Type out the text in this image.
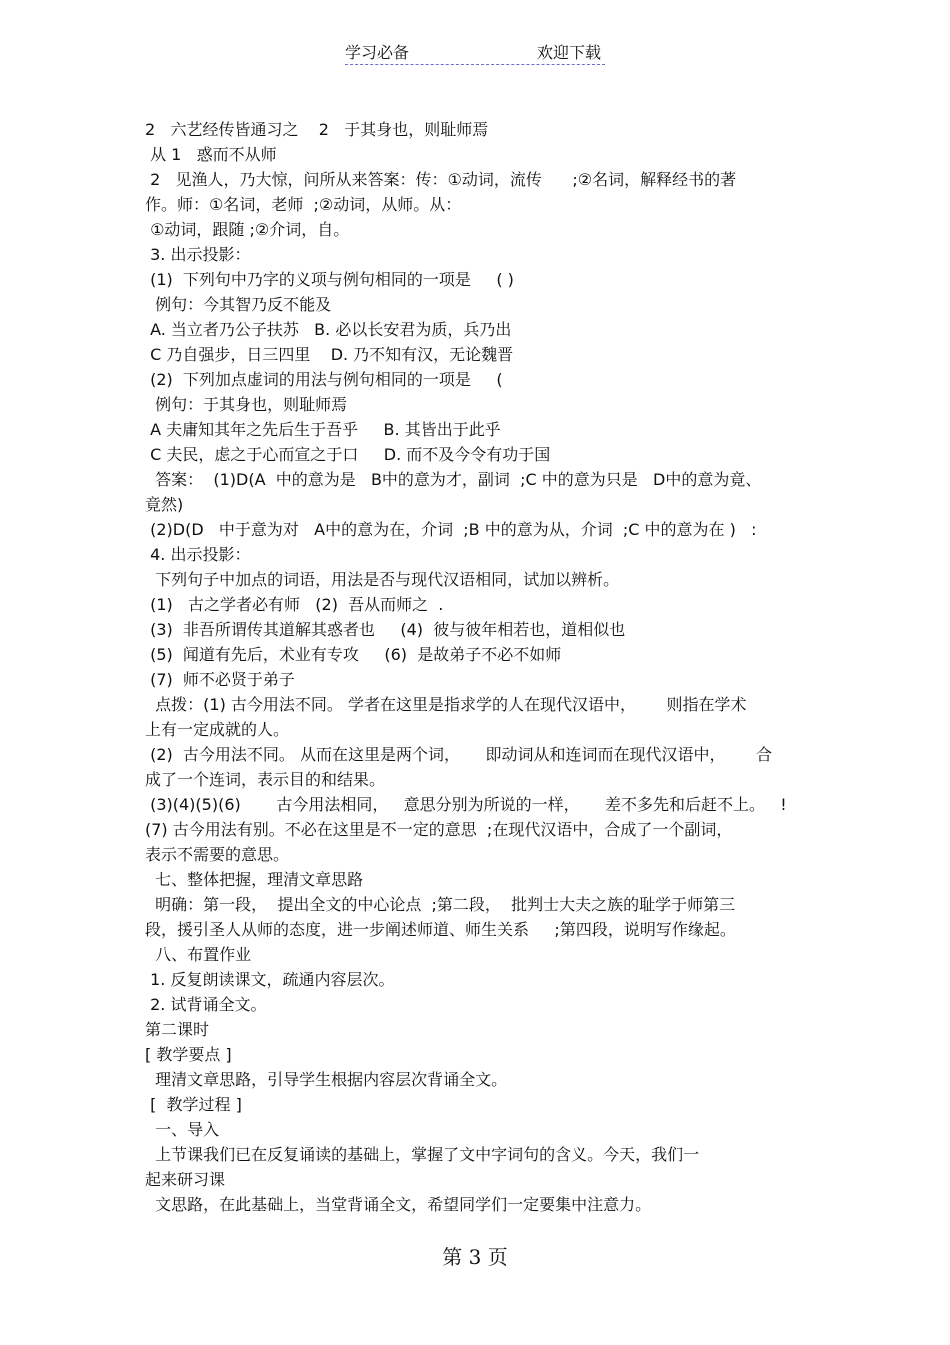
学习必备	欢迎下载
2   六艺经传皆通习之    2   于其身也，则耻师焉
从 1   惑而不从师
2   见渔人，乃大惊，问所从来答案：传：①动词，流传      ;②名词，解释经书的著
作。师：①名词，老师  ;②动词，从师。从：
①动词，跟随 ;②介词，自。
3. 出示投影：
(1)  下列句中乃字的义项与例句相同的一项是     ( )
例句：今其智乃反不能及
A. 当立者乃公子扶苏   B. 必以长安君为质，兵乃出
C 乃自强步，日三四里    D. 乃不知有汉，无论魏晋
(2)  下列加点虚词的用法与例句相同的一项是     (
例句：于其身也，则耻师焉
A 夫庸知其年之先后生于吾乎     B. 其皆出于此乎
C 夫民，虑之于心而宣之于口     D. 而不及今令有功于国
答案：  (1)D(A  中的意为是   B中的意为才，副词  ;C 中的意为只是   D中的意为竟、
竟然)
(2)D(D   中于意为对   A中的意为在，介词  ;B 中的意为从，介词  ;C 中的意为在 )   :
4. 出示投影：
下列句子中加点的词语，用法是否与现代汉语相同，试加以辨析。
(1)   古之学者必有师   (2)  吾从而师之  .
(3)  非吾所谓传其道解其惑者也     (4)  彼与彼年相若也，道相似也
(5)  闻道有先后，术业有专攻     (6)  是故弟子不必不如师
(7)  师不必贤于弟子
点拨：(1) 古今用法不同。 学者在这里是指求学的人在现代汉语中，      则指在学术
上有一定成就的人。
(2)  古今用法不同。 从而在这里是两个词，     即动词从和连词而在现代汉语中，      合
成了一个连词，表示目的和结果。
(3)(4)(5)(6)       古今用法相同，   意思分别为所说的一样，     差不多先和后赶不上。   !
(7) 古今用法有别。不必在这里是不一定的意思  ;在现代汉语中，合成了一个副词，
表示不需要的意思。
七、整体把握，理清文章思路
明确：第一段，  提出全文的中心论点  ;第二段，  批判士大夫之族的耻学于师第三
段，援引圣人从师的态度，进一步阐述师道、师生关系     ;第四段，说明写作缘起。
八、布置作业
1. 反复朗读课文，疏通内容层次。
2. 试背诵全文。
第二课时
[ 教学要点 ]
理清文章思路，引导学生根据内容层次背诵全文。
[  教学过程 ]
一、导入
上节课我们已在反复诵读的基础上，掌握了文中字词句的含义。今天，我们一
起来研习课
文思路，在此基础上，当堂背诵全文，希望同学们一定要集中注意力。
第 3 页
